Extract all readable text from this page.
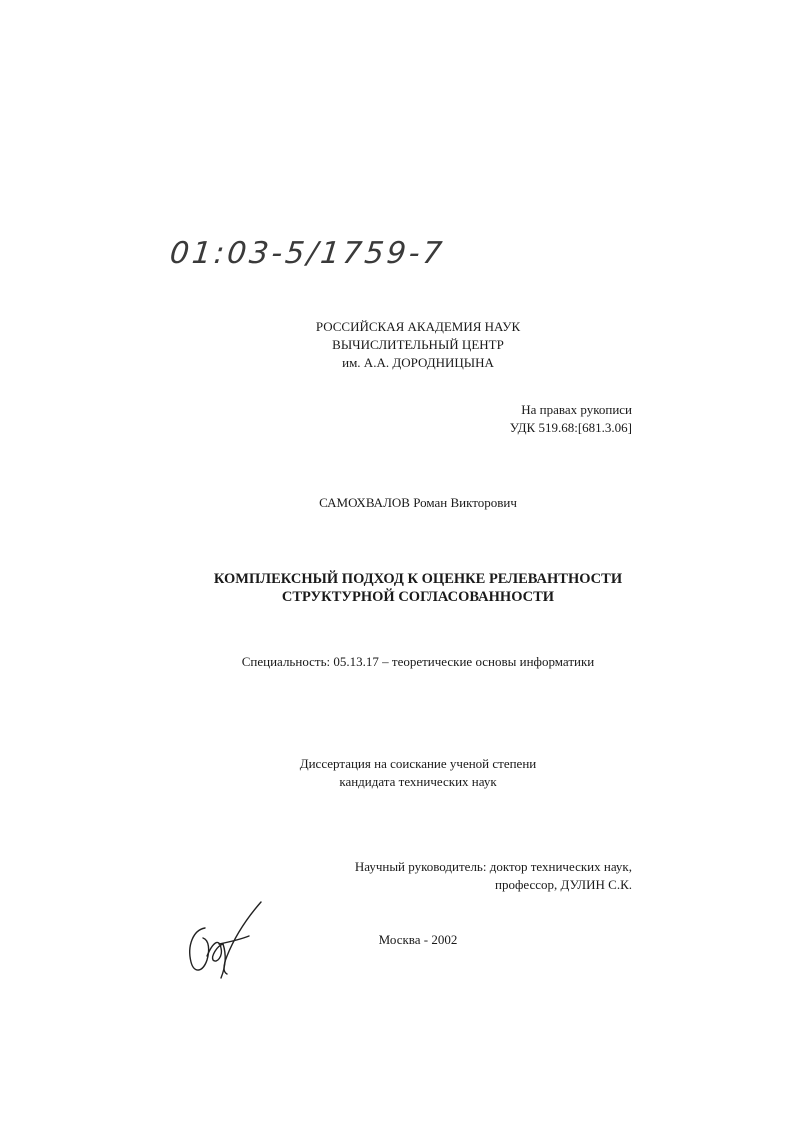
01:03-5/1759-7
РОССИЙСКАЯ АКАДЕМИЯ НАУК
ВЫЧИСЛИТЕЛЬНЫЙ ЦЕНТР
им. А.А. ДОРОДНИЦЫНА
На правах рукописи
УДК 519.68:[681.3.06]
САМОХВАЛОВ Роман Викторович
КОМПЛЕКСНЫЙ ПОДХОД К ОЦЕНКЕ РЕЛЕВАНТНОСТИ
СТРУКТУРНОЙ СОГЛАСОВАННОСТИ
Специальность: 05.13.17 – теоретические основы информатики
Диссертация на соискание ученой степени
кандидата технических наук
Научный руководитель: доктор технических наук,
профессор, ДУЛИН С.К.
Москва - 2002
